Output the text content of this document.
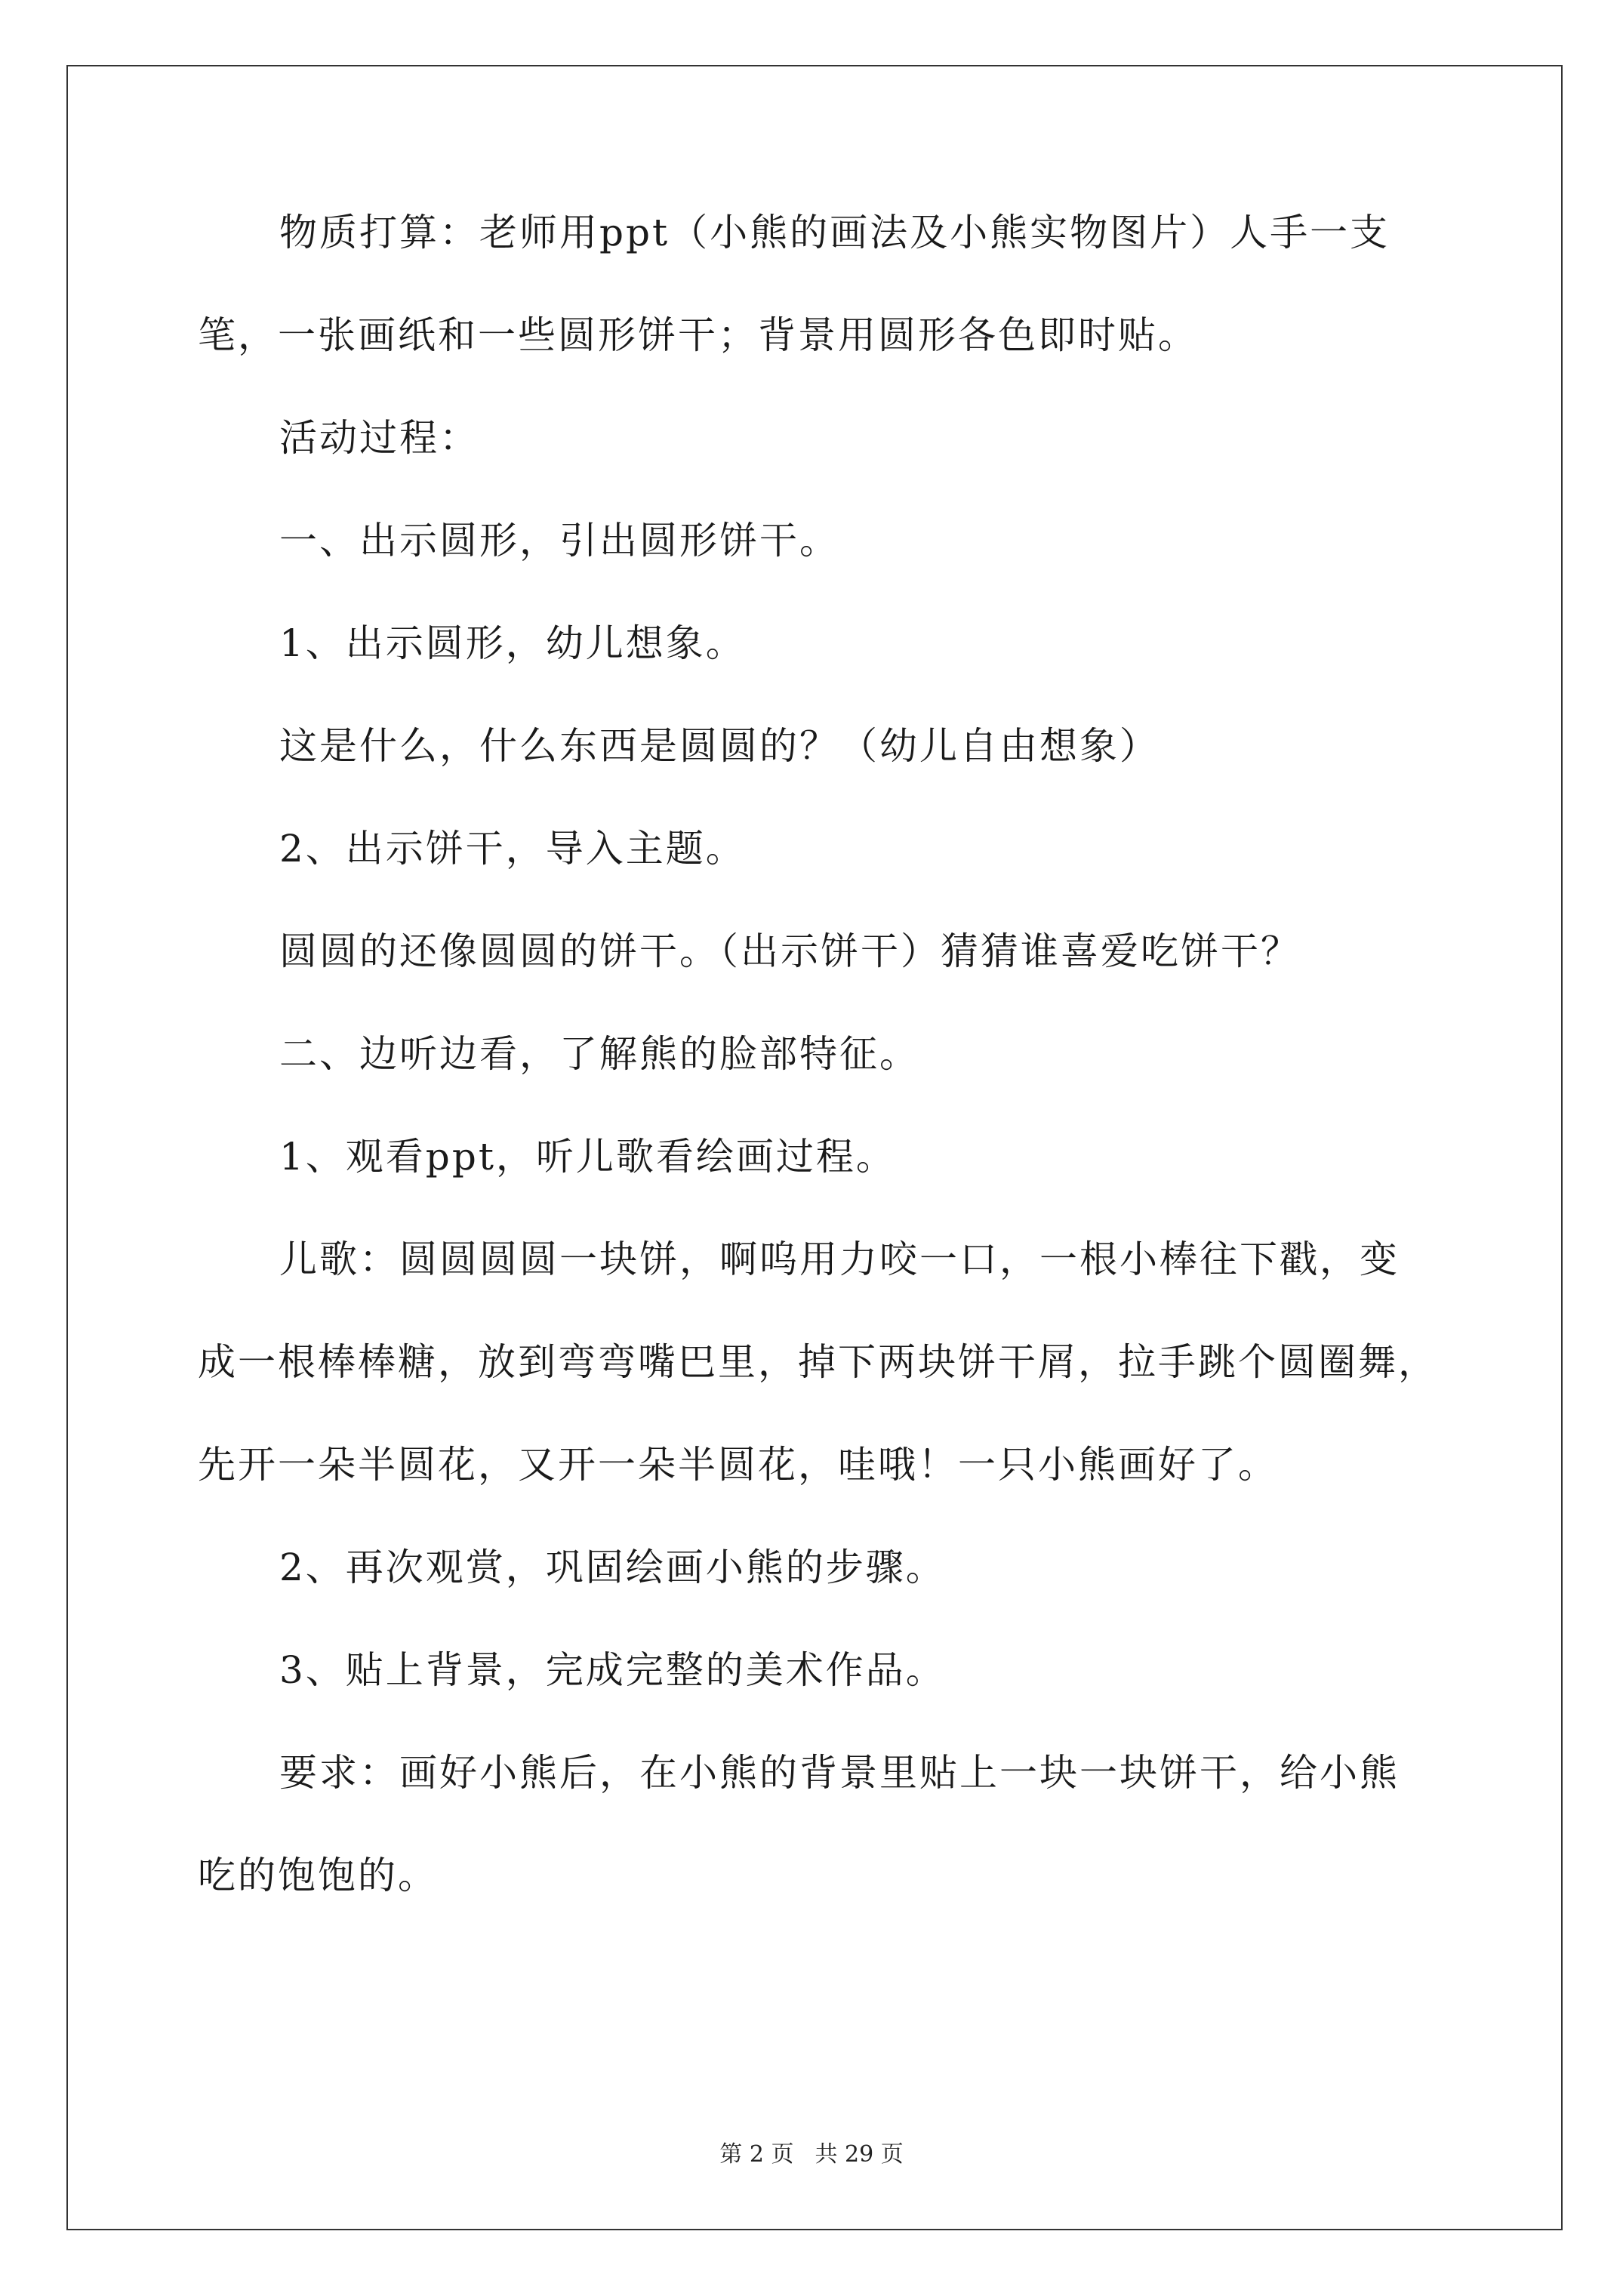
物质打算：老师用ppt（小熊的画法及小熊实物图片）人手一支
笔，一张画纸和一些圆形饼干；背景用圆形各色即时贴。
活动过程：
一、出示圆形，引出圆形饼干。
1、出示圆形，幼儿想象。
这是什么，什么东西是圆圆的？（幼儿自由想象）
2、出示饼干，导入主题。
圆圆的还像圆圆的饼干。（出示饼干）猜猜谁喜爱吃饼干？
二、边听边看，了解熊的脸部特征。
1、观看ppt，听儿歌看绘画过程。
儿歌：圆圆圆圆一块饼，啊呜用力咬一口，一根小棒往下戳，变
成一根棒棒糖，放到弯弯嘴巴里，掉下两块饼干屑，拉手跳个圆圈舞，
先开一朵半圆花，又开一朵半圆花，哇哦！一只小熊画好了。
2、再次观赏，巩固绘画小熊的步骤。
3、贴上背景，完成完整的美术作品。
要求：画好小熊后，在小熊的背景里贴上一块一块饼干，给小熊
吃的饱饱的。
第 2 页 共 29 页
